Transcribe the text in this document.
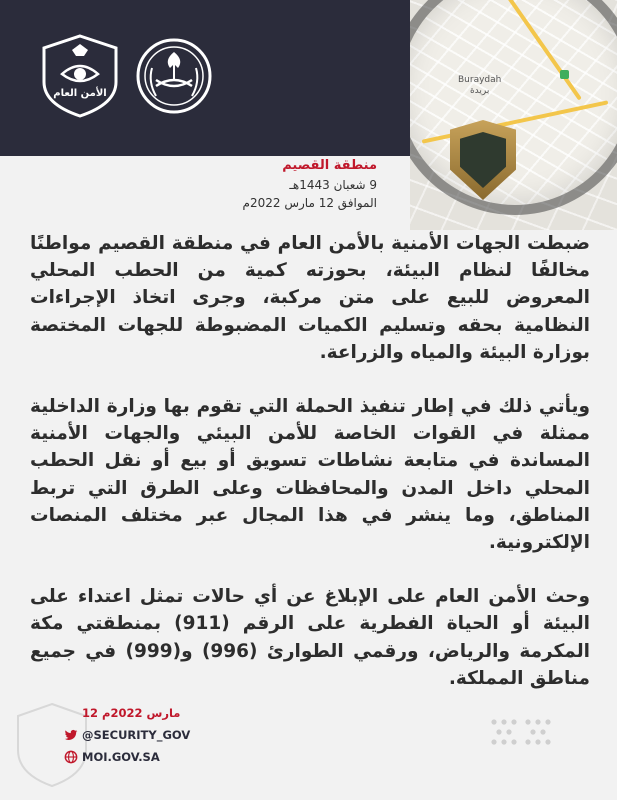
الأمن العام
Buraydah
بريدة
منطقة القصيم
9 شعبان 1443هـ
الموافق 12 مارس 2022م

ضبطت الجهات الأمنية بالأمن العام في منطقة القصيم مواطنًا مخالفًا لنظام البيئة، بحوزته كمية من الحطب المحلي المعروض للبيع على متن مركبة، وجرى اتخاذ الإجراءات النظامية بحقه وتسليم الكميات المضبوطة للجهات المختصة بوزارة البيئة والمياه والزراعة.

ويأتي ذلك في إطار تنفيذ الحملة التي تقوم بها وزارة الداخلية ممثلة في القوات الخاصة للأمن البيئي والجهات الأمنية المساندة في متابعة نشاطات تسويق أو بيع أو نقل الحطب المحلي داخل المدن والمحافظات وعلى الطرق التي تربط المناطق، وما ينشر في هذا المجال عبر مختلف المنصات الإلكترونية.

وحث الأمن العام على الإبلاغ عن أي حالات تمثل اعتداء على البيئة أو الحياة الفطرية على الرقم (911) بمنطقتي مكة المكرمة والرياض، ورقمي الطوارئ (996) و(999) في جميع مناطق المملكة.

12 مارس 2022م
@SECURITY_GOV
MOI.GOV.SA
